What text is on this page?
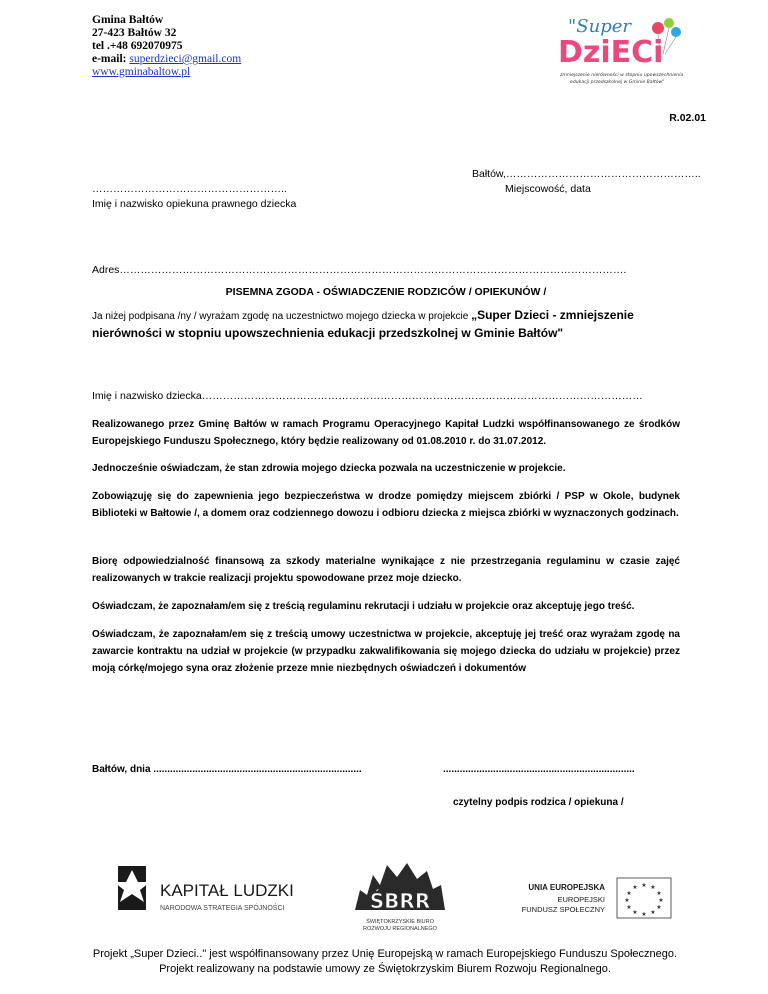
Gmina Bałtów
27-423 Bałtów 32
tel .+48 692070975
e-mail: superdzieci@gmail.com
www.gminabaltow.pl
"Super
DziECi
zmniejszenie nierówności w stopniu upowszechnienia
edukacji przedszkolnej w Gminie Bałtów"
R.02.01
Bałtów,………………………………………………..
Miejscowość, data
………………………………………………..
Imię i nazwisko opiekuna prawnego dziecka
Adres……………………………………………………………………………………………………………………………….
PISEMNA ZGODA - OŚWIADCZENIE RODZICÓW / OPIEKUNÓW /
Ja niżej podpisana /ny / wyrażam zgodę na uczestnictwo mojego dziecka w projekcie „Super Dzieci - zmniejszenie nierówności w stopniu upowszechnienia edukacji przedszkolnej w Gminie Bałtów"
Imię i nazwisko dziecka………………………………………………………………………………………………………………
Realizowanego przez Gminę Bałtów w ramach Programu Operacyjnego Kapitał Ludzki współfinansowanego ze środków Europejskiego Funduszu Społecznego, który będzie realizowany od 01.08.2010 r. do 31.07.2012.
Jednocześnie oświadczam, że stan zdrowia mojego dziecka pozwala na uczestniczenie w projekcie.
Zobowiązuję się do zapewnienia jego bezpieczeństwa w drodze pomiędzy miejscem zbiórki / PSP w Okole, budynek Biblioteki w Bałtowie /, a domem oraz codziennego dowozu i odbioru dziecka z miejsca zbiórki w wyznaczonych godzinach.
Biorę odpowiedzialność finansową za szkody materialne wynikające z nie przestrzegania regulaminu w czasie zajęć realizowanych w trakcie realizacji projektu spowodowane przez moje dziecko.
Oświadczam, że zapoznałam/em się z treścią regulaminu rekrutacji i udziału w projekcie oraz akceptuję jego treść.
Oświadczam, że zapoznałam/em się z treścią umowy uczestnictwa w projekcie, akceptuję jej treść oraz wyrażam zgodę na zawarcie kontraktu na udział w projekcie (w przypadku zakwalifikowania się mojego dziecka do udziału w projekcie) przez moją córkę/mojego syna oraz złożenie przeze mnie niezbędnych oświadczeń i dokumentów
Bałtów, dnia ...........................................................................	.....................................................................
czytelny podpis rodzica / opiekuna /
KAPITAŁ LUDZKI
NARODOWA STRATEGIA SPÓJNOŚCI	ŚBRR
ŚWIĘTOKRZYSKIE BIURO
ROZWOJU REGIONALNEGO
UNIA EUROPEJSKA
EUROPEJSKI
FUNDUSZ SPOŁECZNY
★ ★
★
★
★
★
★
★
★
★
★
★
Projekt „Super Dzieci.." jest współfinansowany przez Unię Europejską w ramach Europejskiego Funduszu Społecznego. Projekt realizowany na podstawie umowy ze Świętokrzyskim Biurem Rozwoju Regionalnego.
